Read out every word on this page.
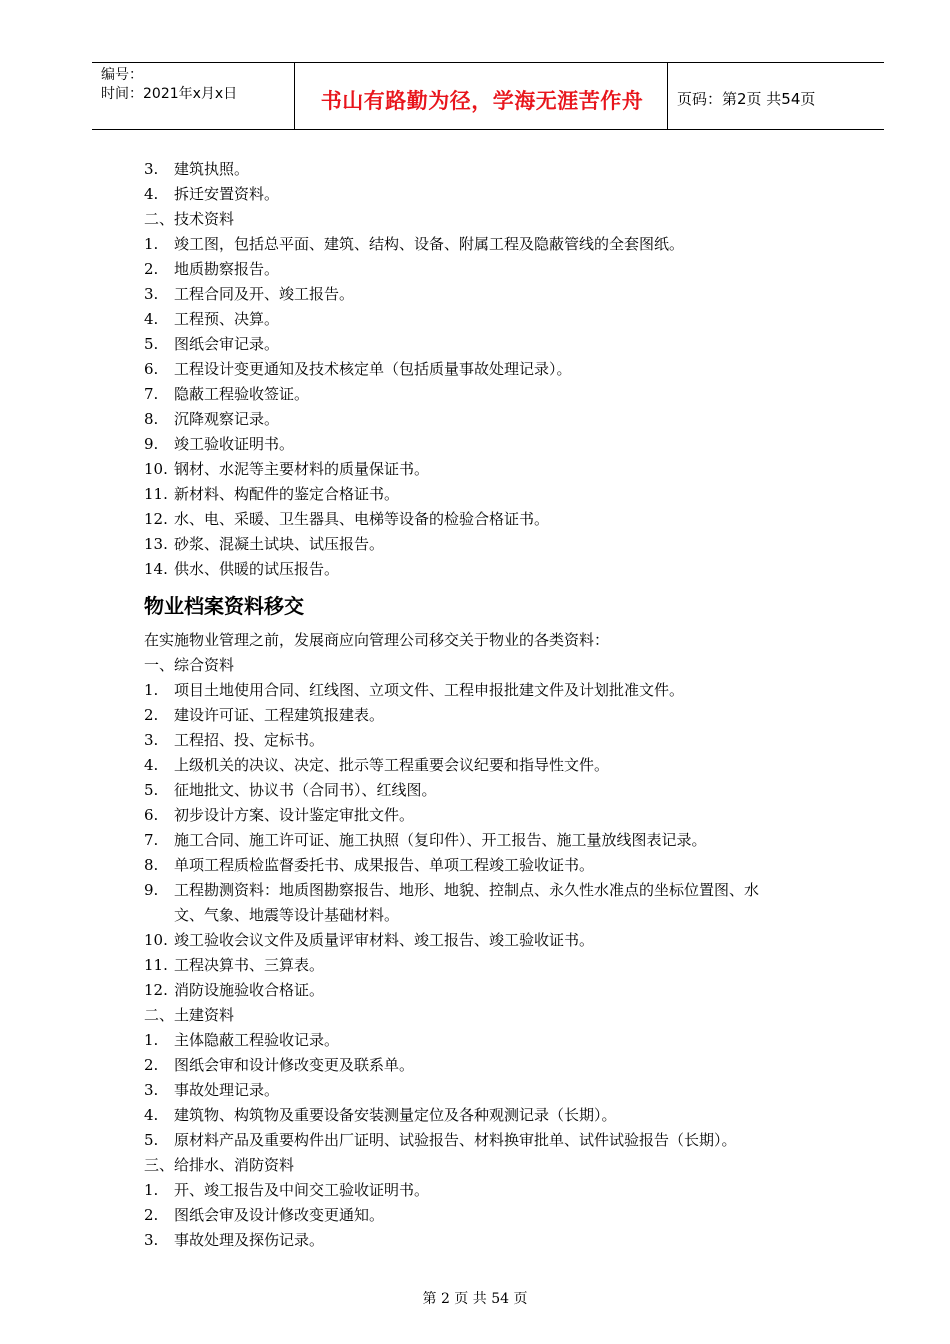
编号：
时间：2021年x月x日	书山有路勤为径，学海无涯苦作舟	页码：第2页 共54页
3. 建筑执照。
4. 拆迁安置资料。
二、技术资料
1. 竣工图，包括总平面、建筑、结构、设备、附属工程及隐蔽管线的全套图纸。
2. 地质勘察报告。
3. 工程合同及开、竣工报告。
4. 工程预、决算。
5. 图纸会审记录。
6. 工程设计变更通知及技术核定单（包括质量事故处理记录）。
7. 隐蔽工程验收签证。
8. 沉降观察记录。
9. 竣工验收证明书。
10. 钢材、水泥等主要材料的质量保证书。
11. 新材料、构配件的鉴定合格证书。
12. 水、电、采暖、卫生器具、电梯等设备的检验合格证书。
13. 砂浆、混凝土试块、试压报告。
14. 供水、供暖的试压报告。
物业档案资料移交
在实施物业管理之前，发展商应向管理公司移交关于物业的各类资料：
一、综合资料
1. 项目土地使用合同、红线图、立项文件、工程申报批建文件及计划批准文件。
2. 建设许可证、工程建筑报建表。
3. 工程招、投、定标书。
4. 上级机关的决议、决定、批示等工程重要会议纪要和指导性文件。
5. 征地批文、协议书（合同书）、红线图。
6. 初步设计方案、设计鉴定审批文件。
7. 施工合同、施工许可证、施工执照（复印件）、开工报告、施工量放线图表记录。
8. 单项工程质检监督委托书、成果报告、单项工程竣工验收证书。
9. 工程勘测资料：地质图勘察报告、地形、地貌、控制点、永久性水准点的坐标位置图、水
文、气象、地震等设计基础材料。
10. 竣工验收会议文件及质量评审材料、竣工报告、竣工验收证书。
11. 工程决算书、三算表。
12. 消防设施验收合格证。
二、土建资料
1. 主体隐蔽工程验收记录。
2. 图纸会审和设计修改变更及联系单。
3. 事故处理记录。
4. 建筑物、构筑物及重要设备安装测量定位及各种观测记录（长期）。
5. 原材料产品及重要构件出厂证明、试验报告、材料换审批单、试件试验报告（长期）。
三、给排水、消防资料
1. 开、竣工报告及中间交工验收证明书。
2. 图纸会审及设计修改变更通知。
3. 事故处理及探伤记录。
第 2 页 共 54 页
